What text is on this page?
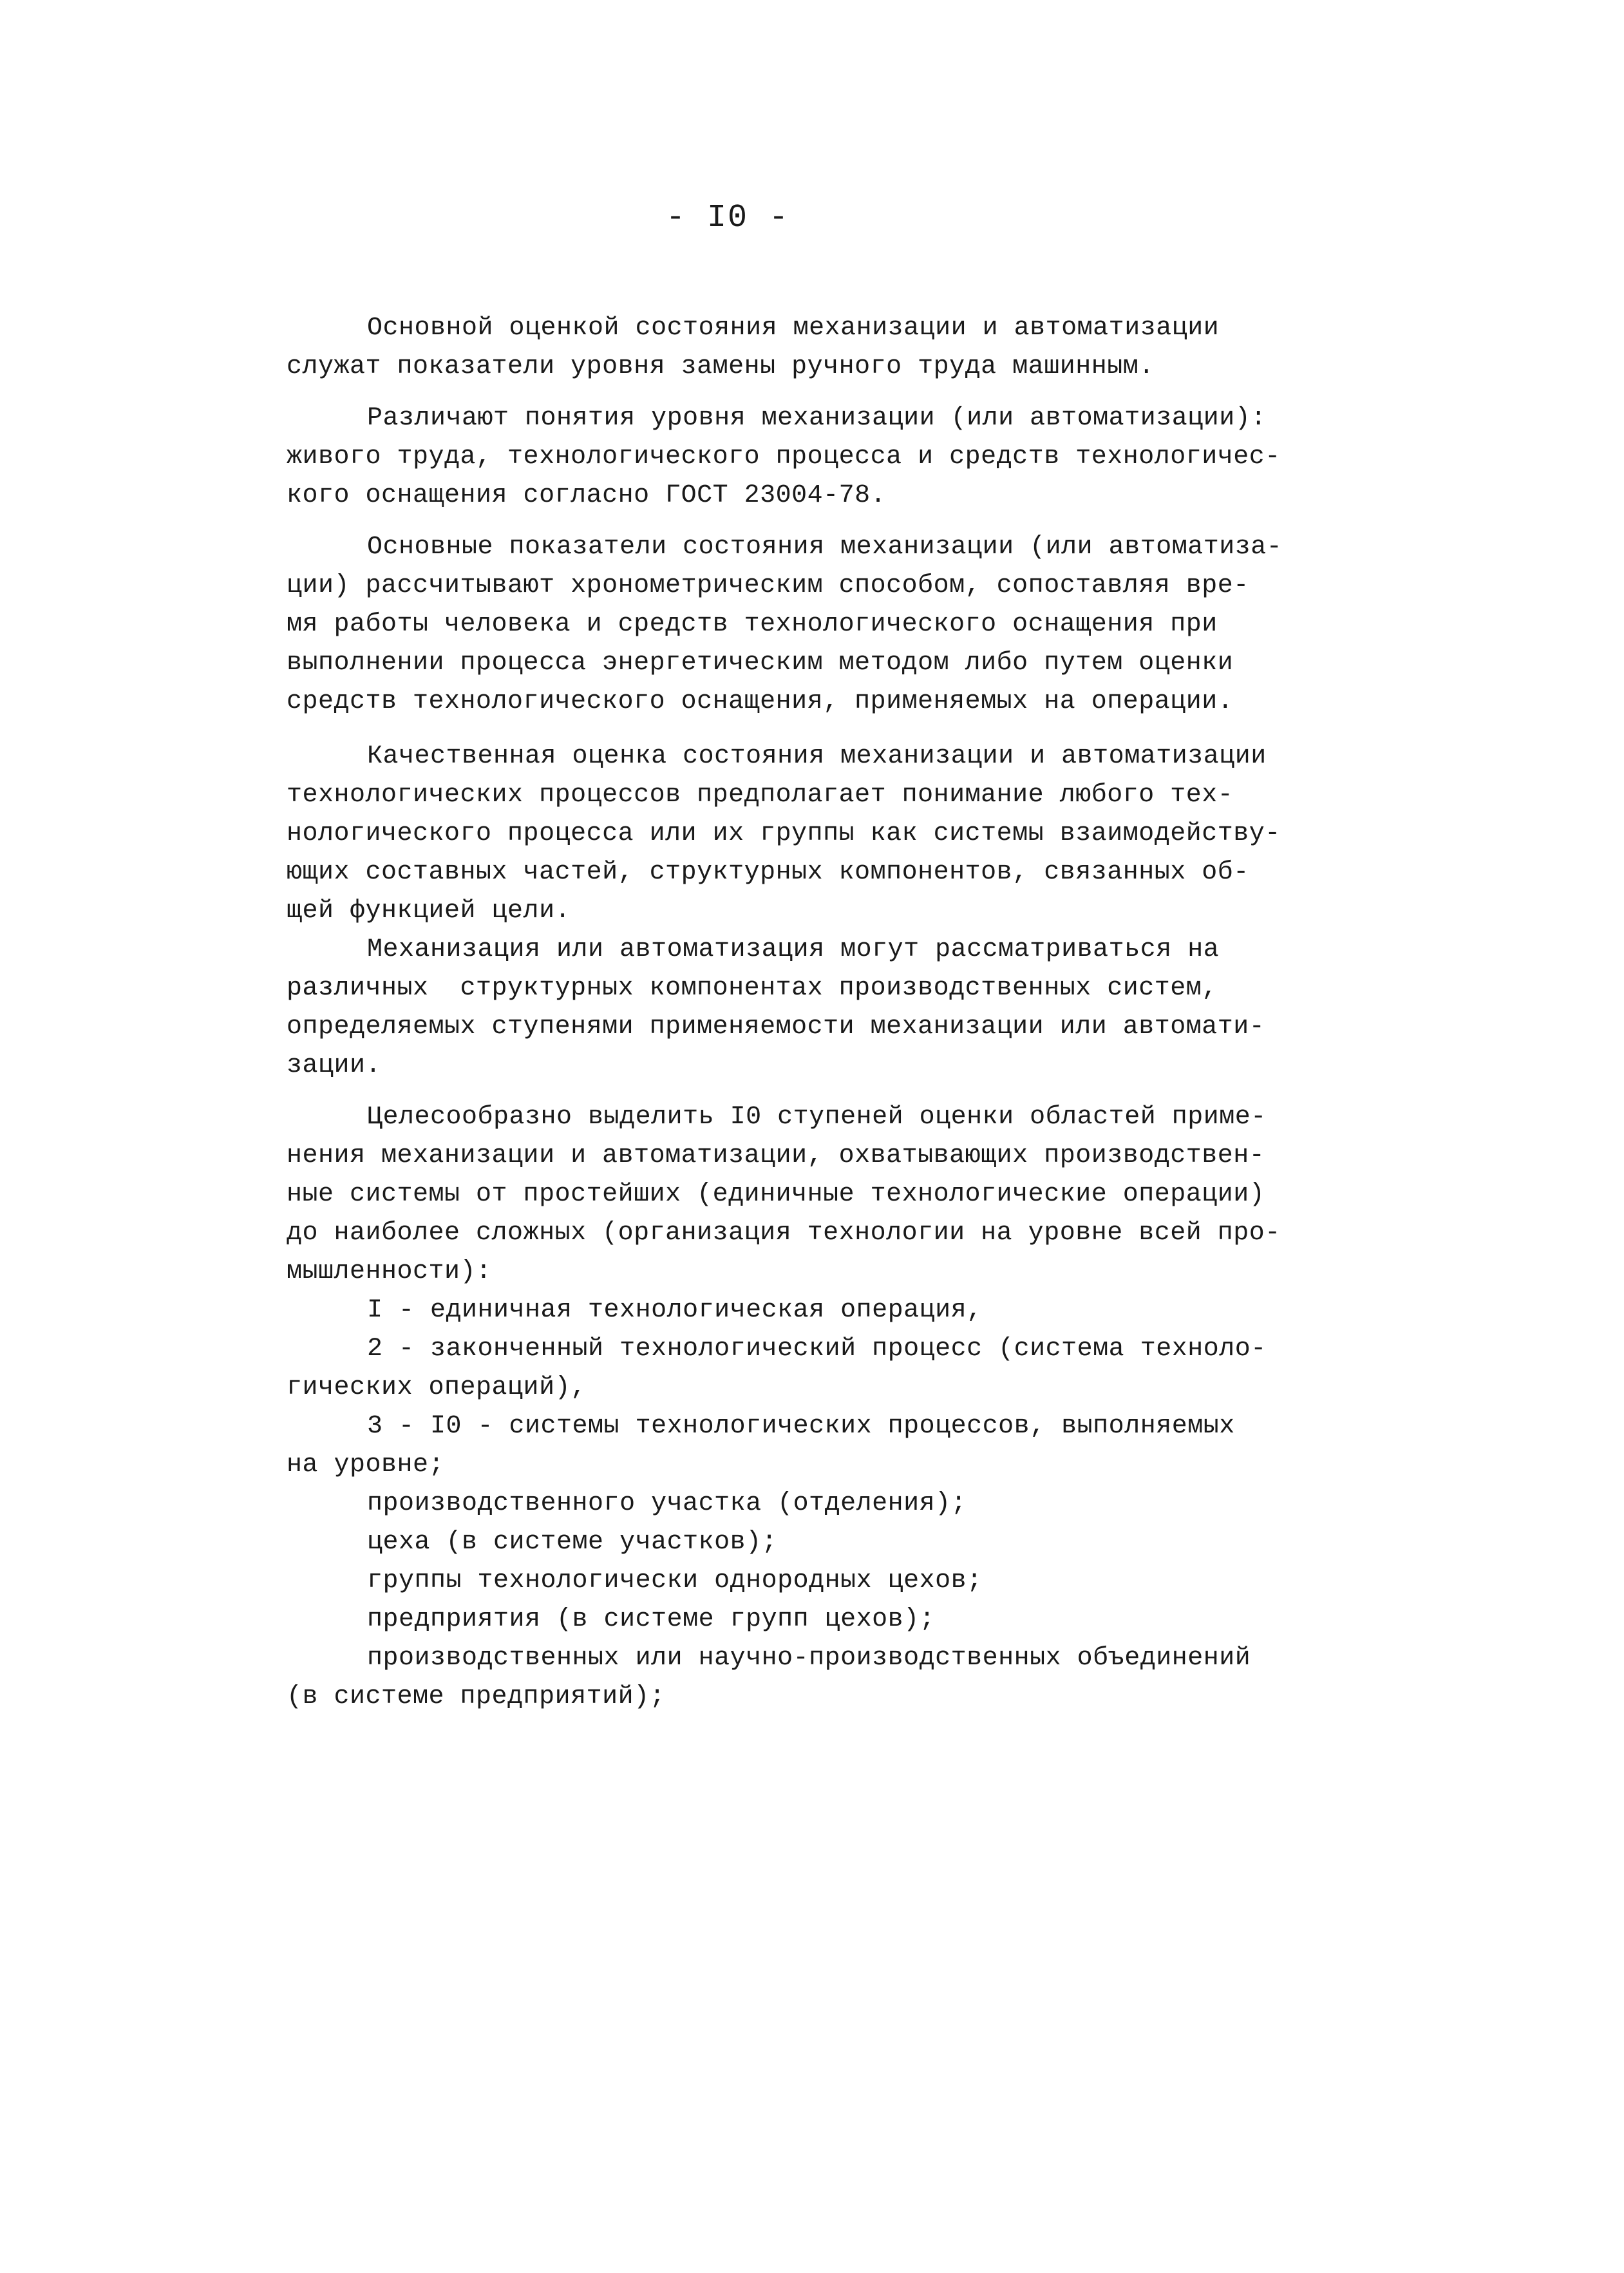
- I0 -
Основной оценкой состояния механизации и автоматизации
служат показатели уровня замены ручного труда машинным.
Различают понятия уровня механизации (или автоматизации):
живого труда, технологического процесса и средств технологичес-
кого оснащения согласно ГОСТ 23004-78.
Основные показатели состояния механизации (или автоматиза-
ции) рассчитывают хронометрическим способом, сопоставляя вре-
мя работы человека и средств технологического оснащения при
выполнении процесса энергетическим методом либо путем оценки
средств технологического оснащения, применяемых на операции.
Качественная оценка состояния механизации и автоматизации
технологических процессов предполагает понимание любого тех-
нологического процесса или их группы как системы взаимодейству-
ющих составных частей, структурных компонентов, связанных об-
щей функцией цели.
Механизация или автоматизация могут рассматриваться на
различных  структурных компонентах производственных систем,
определяемых ступенями применяемости механизации или автомати-
зации.
Целесообразно выделить I0 ступеней оценки областей приме-
нения механизации и автоматизации, охватывающих производствен-
ные системы от простейших (единичные технологические операции)
до наиболее сложных (организация технологии на уровне всей про-
мышленности):
I - единичная технологическая операция,
2 - законченный технологический процесс (система техноло-
гических операций),
3 - I0 - системы технологических процессов, выполняемых
на уровне;
производственного участка (отделения);
цеха (в системе участков);
группы технологически однородных цехов;
предприятия (в системе групп цехов);
производственных или научно-производственных объединений
(в системе предприятий);
